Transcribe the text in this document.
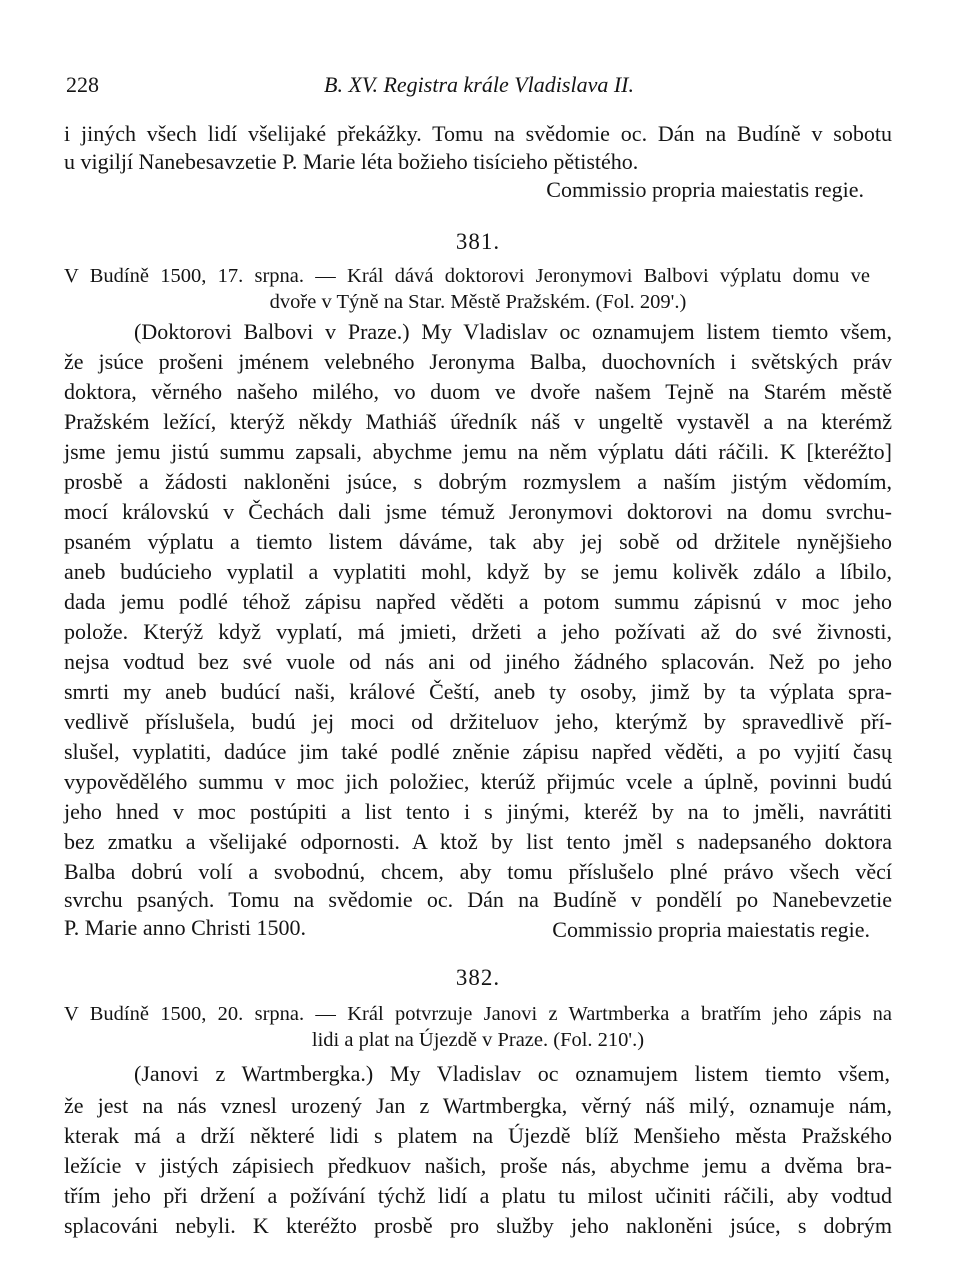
228	B. XV. Registra krále Vladislava II.
i jiných všech lidí všelijaké překážky. Tomu na svědomie oc. Dán na Budíně v sobotu
u vigiljí Nanebesavzetie P. Marie léta božieho tisícieho pětistého.
Commissio propria maiestatis regie.
381.
V Budíně 1500, 17. srpna. — Král dává doktorovi Jeronymovi Balbovi výplatu domu ve
dvoře v Týně na Star. Městě Pražském. (Fol. 209'.)
(Doktorovi Balbovi v Praze.) My Vladislav oc oznamujem listem tiemto všem,
že jsúce prošeni jménem velebného Jeronyma Balba, duochovních i světských práv
doktora, věrného našeho milého, vo duom ve dvoře našem Tejně na Starém městě
Pražském ležící, kterýž někdy Mathiáš úředník náš v ungeltě vystavěl a na kterémž
jsme jemu jistú summu zapsali, abychme jemu na něm výplatu dáti ráčili. K [kteréžto]
prosbě a žádosti nakloněni jsúce, s dobrým rozmyslem a naším jistým vědomím,
mocí královskú v Čechách dali jsme témuž Jeronymovi doktorovi na domu svrchu-
psaném výplatu a tiemto listem dáváme, tak aby jej sobě od držitele nynějšieho
aneb budúcieho vyplatil a vyplatiti mohl, když by se jemu kolivěk zdálo a líbilo,
dada jemu podlé téhož zápisu napřed věděti a potom summu zápisnú v moc jeho
polože. Kterýž když vyplatí, má jmieti, držeti a jeho požívati až do své živnosti,
nejsa vodtud bez své vuole od nás ani od jiného žádného splacován. Než po jeho
smrti my aneb budúcí naši, králové Čeští, aneb ty osoby, jimž by ta výplata spra-
vedlivě příslušela, budú jej moci od držiteluov jeho, kterýmž by spravedlivě pří-
slušel, vyplatiti, dadúce jim také podlé zněnie zápisu napřed věděti, a po vyjití časų
vypověděléhо summu v moc jich položiec, kterúž přijmúc vcele a úplně, povinni budú
jeho hned v moc postúpiti a list tento i s jinými, kteréž by na to jměli, navrátiti
bez zmatku a všelijaké odpornosti. A ktož by list tento jměl s nadepsaného doktora
Balba dobrú volí a svobodnú, chcem, aby tomu příslušelo plné právo všech věcí
svrchu psaných. Tomu na svědomie oc. Dán na Budíně v pondělí po Nanebevzetie
P. Marie anno Christi 1500.	Commissio propria maiestatis regie.
382.
V Budíně 1500, 20. srpna. — Král potvrzuje Janovi z Wartmberka a bratřím jeho zápis na
lidi a plat na Újezdě v Praze. (Fol. 210'.)
(Janovi z Wartmbergka.) My Vladislav oc oznamujem listem tiemto všem,
že jest na nás vznesl urozený Jan z Wartmbergka, věrný náš milý, oznamuje nám,
kterak má a drží některé lidi s platem na Újezdě blíž Menšieho města Pražského
ležície v jistých zápisiech předkuov našich, proše nás, abychme jemu a dvěma bra-
třím jeho při držení a požívání týchž lidí a platu tu milost učiniti ráčili, aby vodtud
splacováni nebyli. K kteréžto prosbě pro služby jeho nakloněni jsúce, s dobrým
